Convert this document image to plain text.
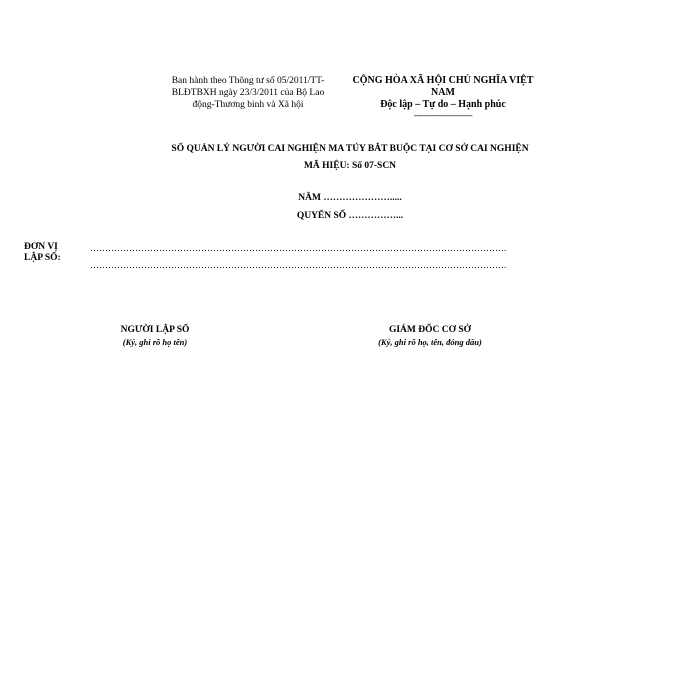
Ban hành theo Thông tư số 05/2011/TT-
BLĐTBXH ngày 23/3/2011 của Bộ Lao
động-Thương binh và Xã hội
CỘNG HÒA XÃ HỘI CHỦ NGHĨA VIỆT
NAM
Độc lập – Tự do – Hạnh phúc
---------------------------
SỔ QUẢN LÝ NGƯỜI CAI NGHIỆN MA TÚY BẮT BUỘC TẠI CƠ SỞ CAI NGHIỆN
MÃ HIỆU: Sổ 07-SCN
NĂM ………………….....
QUYỂN SỐ ……………...
ĐƠN VỊ
LẬP SỔ:
………………………………………………………………………………………………………………………….
………………………………………………………………………………………………………………………….
NGƯỜI LẬP SỔ
(Ký, ghi rõ họ tên)
GIÁM ĐỐC CƠ SỞ
(Ký, ghi rõ họ, tên, đóng dấu)
